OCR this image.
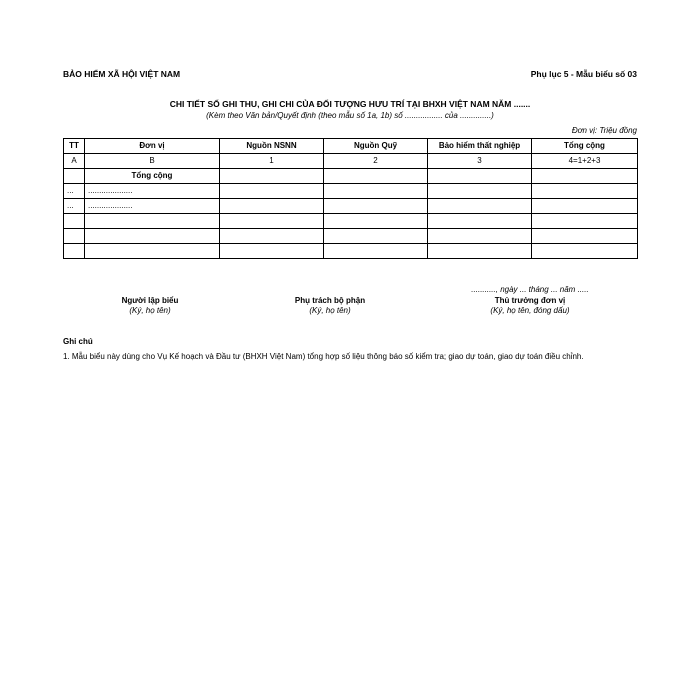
BẢO HIỂM XÃ HỘI VIỆT NAM	Phụ lục 5 - Mẫu biểu số 03
CHI TIẾT SỐ GHI THU, GHI CHI CỦA ĐỐI TƯỢNG HƯU TRÍ TẠI BHXH VIỆT NAM NĂM .......
(Kèm theo Văn bản/Quyết định (theo mẫu số 1a, 1b) số ................. của ..............)
Đơn vị: Triệu đồng
TT	Đơn vị	Nguồn NSNN	Nguồn Quỹ	Bảo hiểm thất nghiệp	Tổng cộng
A	B	1	2	3	4=1+2+3
	Tổng cộng				
...	....................				
...	....................				

..........., ngày ... tháng ... năm .....
Người lập biểu
(Ký, họ tên)
Phụ trách bộ phận
(Ký, họ tên)
Thủ trưởng đơn vị
(Ký, họ tên, đóng dấu)
Ghi chú
1. Mẫu biểu này dùng cho Vụ Kế hoạch và Đầu tư (BHXH Việt Nam) tổng hợp số liệu thông báo số kiểm tra; giao dự toán, giao dự toán điều chỉnh.
